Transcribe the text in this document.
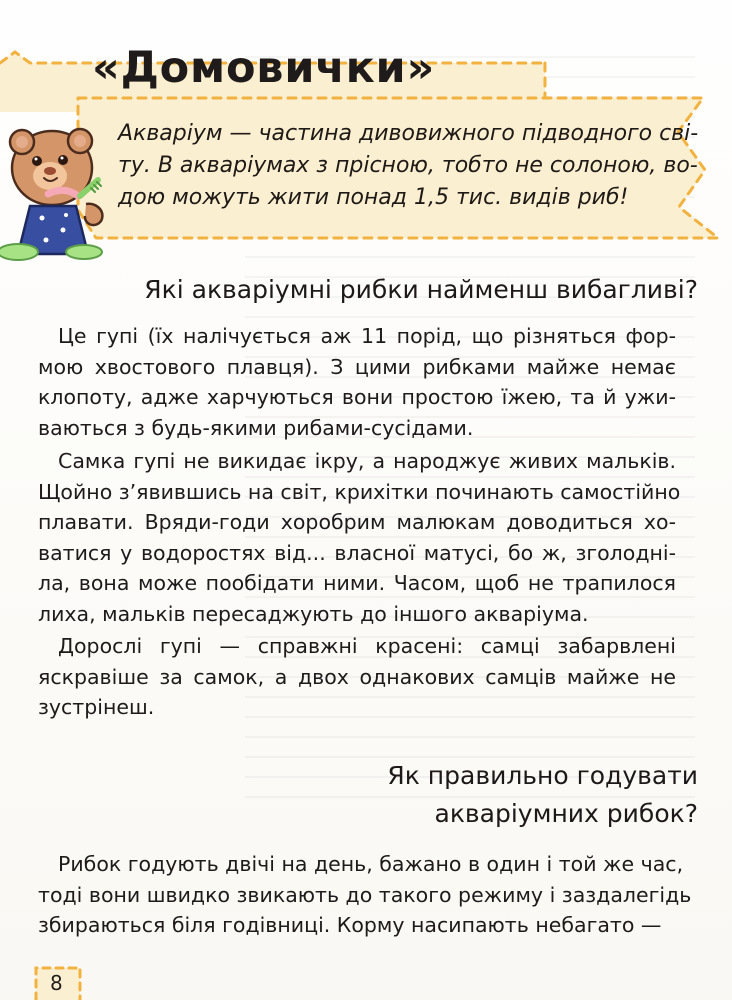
«Домовички»
Акваріум — частина дивовижного підводного сві-
ту. В акваріумах з прісною, тобто не солоною, во-
дою можуть жити понад 1,5 тис. видів риб!
Які акваріумні рибки найменш вибагливі?
Це гупі (їх налічується аж 11 порід, що різняться фор-
мою хвостового плавця). З цими рибками майже немає
клопоту, адже харчуються вони простою їжею, та й ужи-
ваються з будь-якими рибами-сусідами.
Самка гупі не викидає ікру, а народжує живих мальків.
Щойно з’явившись на світ, крихітки починають самостійно
плавати. Вряди-годи хоробрим малюкам доводиться хо-
ватися у водоростях від... власної матусі, бо ж, зголоднi-
ла, вона може пообідати ними. Часом, щоб не трапилося
лиха, мальків пересаджують до іншого акваріума.
Дорослі гупі — справжні красені: самці забарвлені
яскравіше за самок, а двох однакових самців майже не
зустрінеш.
Як правильно годувати
акваріумних рибок?
Рибок годують двічі на день, бажано в один і той же час,
тоді вони швидко звикають до такого режиму і заздалегідь
збираються біля годівниці. Корму насипають небагато —
8
